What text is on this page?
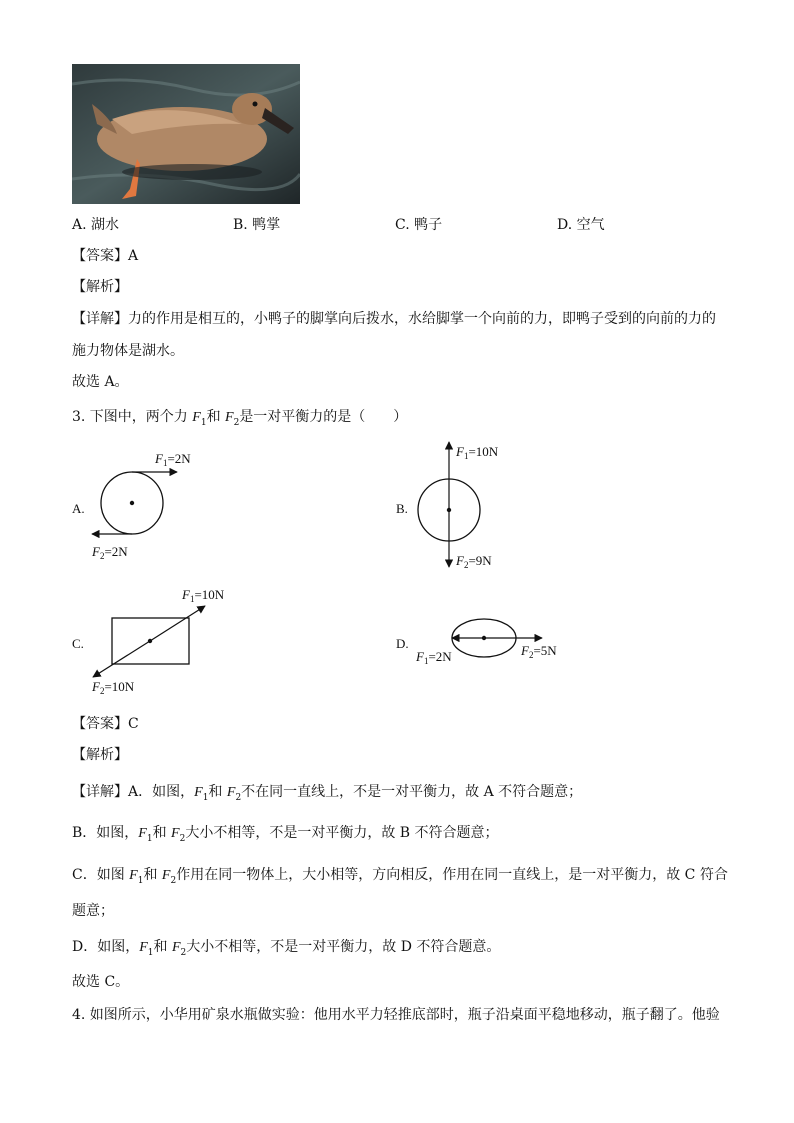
A. 湖水	B. 鸭掌	C. 鸭子	D. 空气
【答案】A
【解析】
【详解】力的作用是相互的，小鸭子的脚掌向后拨水，水给脚掌一个向前的力，即鸭子受到的向前的力的
施力物体是湖水。
故选 A。
3. 下图中，两个力 $F_1$和 $F_2$是一对平衡力的是（　　）
A.
$F_1=2N$
$F_2=2N$
B.
$F_1=10N$
$F_2=9N$
C.
$F_1=10N$
$F_2=10N$
D.
$F_1=2N$	$F_2=5N$
【答案】C
【解析】
【详解】A．如图，$F_1$和 $F_2$不在同一直线上，不是一对平衡力，故 A 不符合题意；
B．如图，$F_1$和 $F_2$大小不相等，不是一对平衡力，故 B 不符合题意；
C．如图 $F_1$和 $F_2$作用在同一物体上，大小相等，方向相反，作用在同一直线上，是一对平衡力，故 C 符合
题意；
D．如图，$F_1$和 $F_2$大小不相等，不是一对平衡力，故 D 不符合题意。
故选 C。
4. 如图所示，小华用矿泉水瓶做实验：他用水平力轻推底部时，瓶子沿桌面平稳地移动，瓶子翻了。他验
